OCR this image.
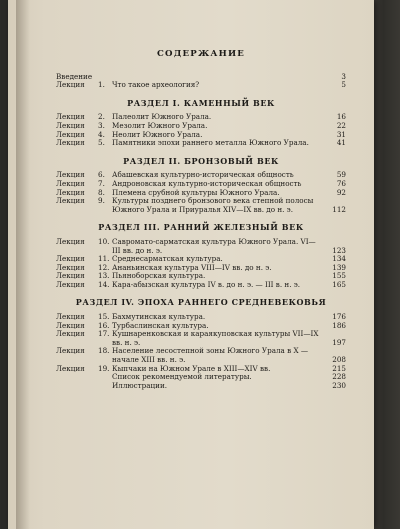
СОДЕРЖАНИЕ
Введение	3
Лекция	1. Что такое археология?	5
РАЗДЕЛ I. КАМЕННЫЙ ВЕК
Лекция	2. Палеолит Южного Урала.	16
Лекция	3. Мезолит Южного Урала.	22
Лекция	4. Неолит Южного Урала.	31
Лекция	5. Памятники эпохи раннего металла Южного Урала.	41
РАЗДЕЛ II. БРОНЗОВЫЙ ВЕК
Лекция	6. Абашевская культурно-историческая общность	59
Лекция	7. Андроновская культурно-историческая общность	76
Лекция	8. Племена срубной культуры Южного Урала.	92
Лекция	9. Культуры позднего бронзового века степной полосы Южного Урала и Приуралья XIV—IX вв. до н. э.	112
РАЗДЕЛ III. РАННИЙ ЖЕЛЕЗНЫЙ ВЕК
Лекция	10. Савромато-сарматская культура Южного Урала. VI—III вв. до н. э.	123
Лекция	11. Среднесарматская культура.	134
Лекция	12. Ананьинская культура VIII—IV вв. до н. э.	139
Лекция	13. Пьяноборская культура.	155
Лекция	14. Кара-абызская культура IV в. до н. э. — III в. н. э.	165
РАЗДЕЛ IV. ЭПОХА РАННЕГО СРЕДНЕВЕКОВЬЯ
Лекция	15. Бахмутинская культура.	176
Лекция	16. Турбаслинская культура.	186
Лекция	17. Кушнаренковская и караякуповская культуры VII—IX вв. н. э.	197
Лекция	18. Население лесостепной зоны Южного Урала в X — начале XIII вв. н. э.	208
Лекция	19. Кыпчаки на Южном Урале в XIII—XIV вв.	215
Список рекомендуемой литературы.	228
Иллюстрации.	230
